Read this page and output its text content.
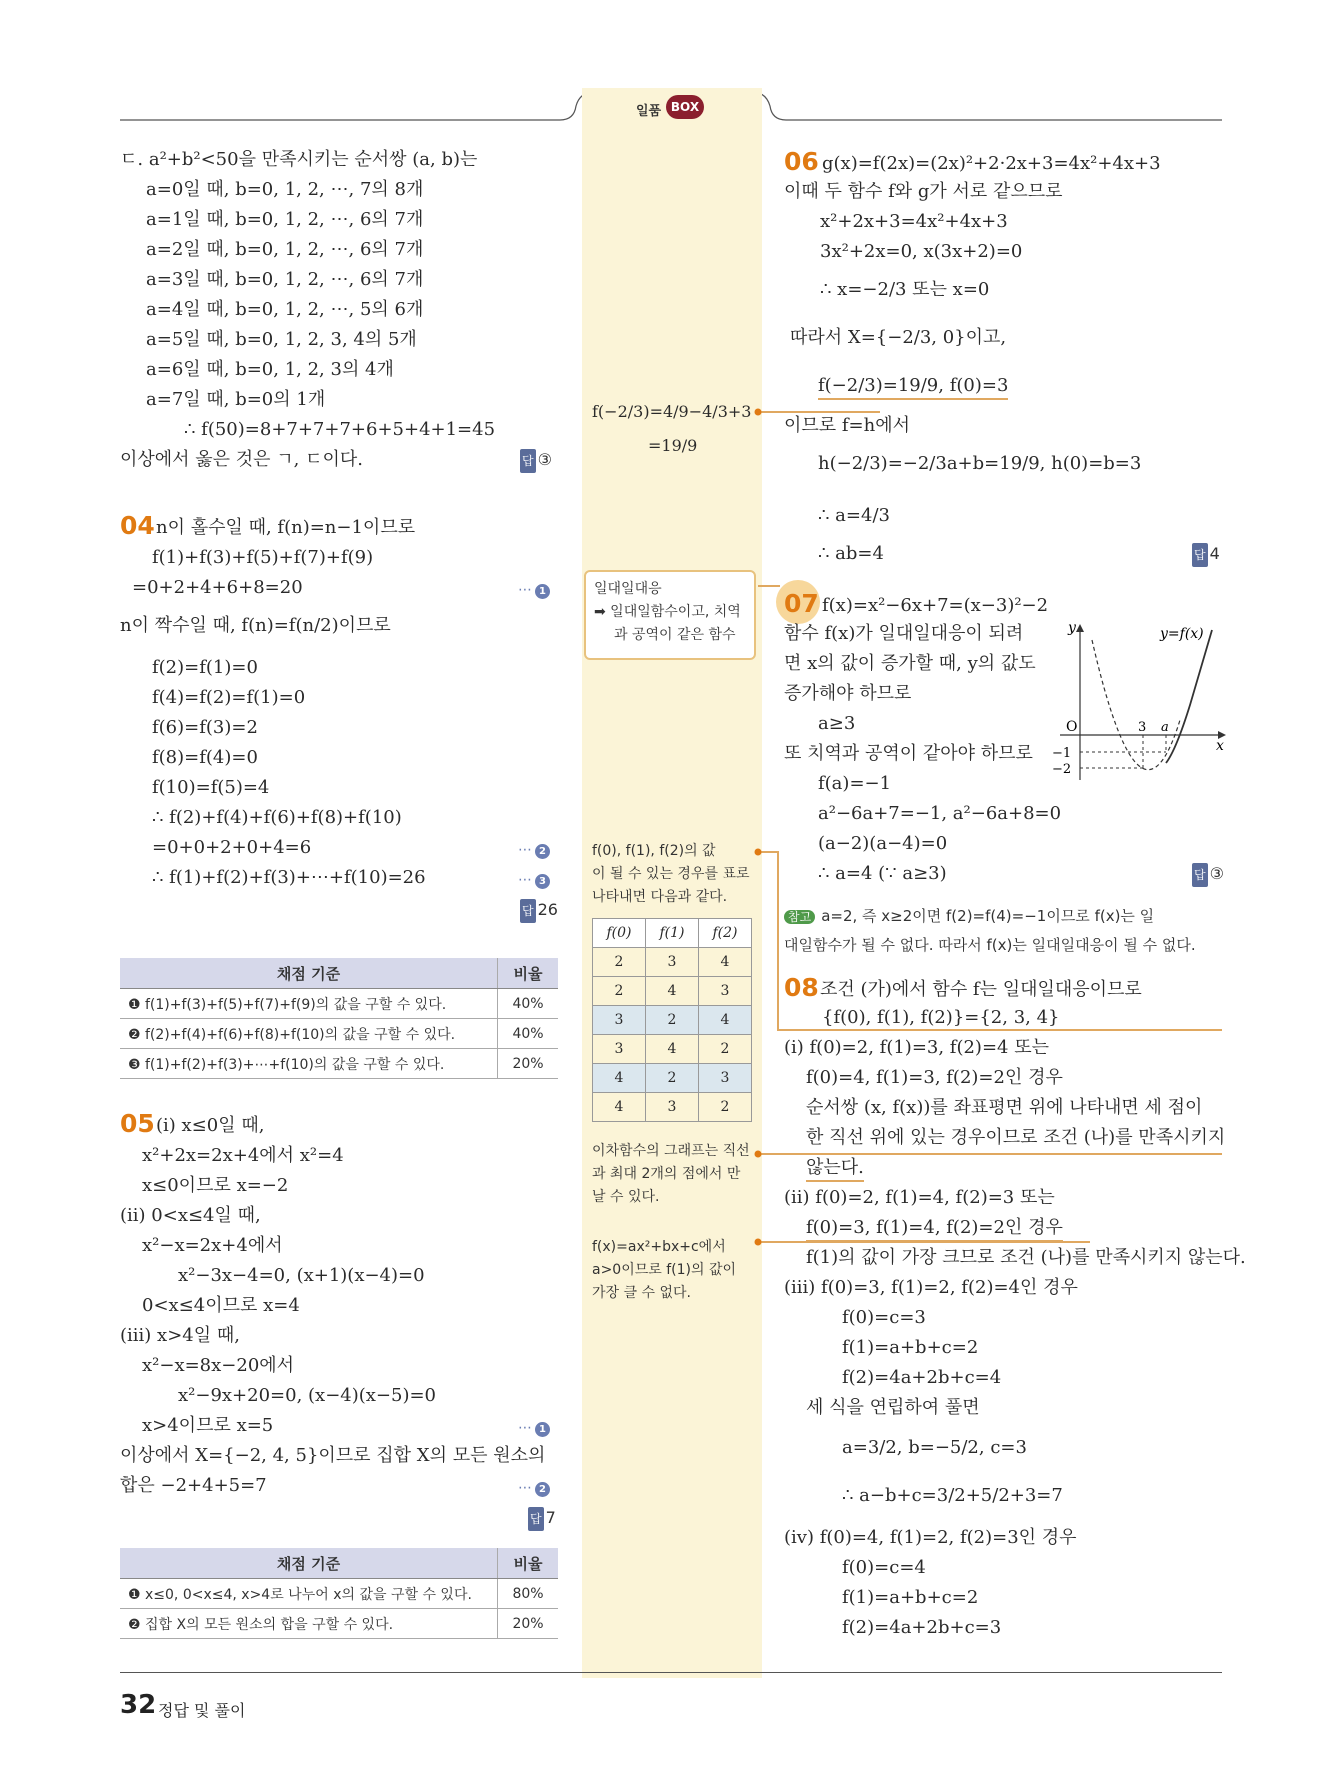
일품 BOX
ㄷ. a²+b²<50을 만족시키는 순서쌍 (a, b)는
a=0일 때, b=0, 1, 2, ⋯, 7의 8개
a=1일 때, b=0, 1, 2, ⋯, 6의 7개
a=2일 때, b=0, 1, 2, ⋯, 6의 7개
a=3일 때, b=0, 1, 2, ⋯, 6의 7개
a=4일 때, b=0, 1, 2, ⋯, 5의 6개
a=5일 때, b=0, 1, 2, 3, 4의 5개
a=6일 때, b=0, 1, 2, 3의 4개
a=7일 때, b=0의 1개
∴ f(50)=8+7+7+7+6+5+4+1=45
이상에서 옳은 것은 ㄱ, ㄷ이다.	답 ③
04 n이 홀수일 때, f(n)=n−1이므로
f(1)+f(3)+f(5)+f(7)+f(9)
=0+2+4+6+8=20	⋯ 1
n이 짝수일 때, f(n)=f(n/2)이므로
f(2)=f(1)=0
f(4)=f(2)=f(1)=0
f(6)=f(3)=2
f(8)=f(4)=0
f(10)=f(5)=4
∴ f(2)+f(4)+f(6)+f(8)+f(10)
=0+0+2+0+4=6	⋯ 2
∴ f(1)+f(2)+f(3)+⋯+f(10)=26	⋯ 3
답 26
채점 기준	비율
❶ f(1)+f(3)+f(5)+f(7)+f(9)의 값을 구할 수 있다.	40%
❷ f(2)+f(4)+f(6)+f(8)+f(10)의 값을 구할 수 있다.	40%
❸ f(1)+f(2)+f(3)+⋯+f(10)의 값을 구할 수 있다.	20%
05 (i) x≤0일 때,
x²+2x=2x+4에서 x²=4
x≤0이므로 x=−2
(ii) 0<x≤4일 때,
x²−x=2x+4에서
x²−3x−4=0, (x+1)(x−4)=0
0<x≤4이므로 x=4
(iii) x>4일 때,
x²−x=8x−20에서
x²−9x+20=0, (x−4)(x−5)=0
x>4이므로 x=5	⋯ 1
이상에서 X={−2, 4, 5}이므로 집합 X의 모든 원소의
합은 −2+4+5=7	⋯ 2
답 7
채점 기준	비율
❶ x≤0, 0<x≤4, x>4로 나누어 x의 값을 구할 수 있다.	80%
❷ 집합 X의 모든 원소의 합을 구할 수 있다.	20%
f(−2/3)=4/9−4/3+3
=19/9
일대일대응
➡ 일대일함수이고, 치역
과 공역이 같은 함수
f(0), f(1), f(2)의 값
이 될 수 있는 경우를 표로
나타내면 다음과 같다.
f(0)	f(1)	f(2)
2	3	4
2	4	3
3	2	4
3	4	2
4	2	3
4	3	2
이차함수의 그래프는 직선
과 최대 2개의 점에서 만
날 수 있다.
f(x)=ax²+bx+c에서
a>0이므로 f(1)의 값이
가장 클 수 없다.
06 g(x)=f(2x)=(2x)²+2·2x+3=4x²+4x+3
이때 두 함수 f와 g가 서로 같으므로
x²+2x+3=4x²+4x+3
3x²+2x=0, x(3x+2)=0
∴ x=−2/3 또는 x=0
따라서 X={−2/3, 0}이고,
f(−2/3)=19/9, f(0)=3
이므로 f=h에서
h(−2/3)=−2/3a+b=19/9, h(0)=b=3
∴ a=4/3
∴ ab=4	답 4
07 f(x)=x²−6x+7=(x−3)²−2
함수 f(x)가 일대일대응이 되려
면 x의 값이 증가할 때, y의 값도
증가해야 하므로
a≥3
또 치역과 공역이 같아야 하므로
f(a)=−1
a²−6a+7=−1, a²−6a+8=0
(a−2)(a−4)=0
∴ a=4 (∵ a≥3)	답 ③
y	y=f(x)
x
O	3 a
−1
−2
참고 a=2, 즉 x≥2이면 f(2)=f(4)=−1이므로 f(x)는 일
대일함수가 될 수 없다. 따라서 f(x)는 일대일대응이 될 수 없다.
08 조건 (가)에서 함수 f는 일대일대응이므로
{f(0), f(1), f(2)}={2, 3, 4}
(i) f(0)=2, f(1)=3, f(2)=4 또는
f(0)=4, f(1)=3, f(2)=2인 경우
순서쌍 (x, f(x))를 좌표평면 위에 나타내면 세 점이
한 직선 위에 있는 경우이므로 조건 (나)를 만족시키지
않는다.
(ii) f(0)=2, f(1)=4, f(2)=3 또는
f(0)=3, f(1)=4, f(2)=2인 경우
f(1)의 값이 가장 크므로 조건 (나)를 만족시키지 않는다.
(iii) f(0)=3, f(1)=2, f(2)=4인 경우
f(0)=c=3
f(1)=a+b+c=2
f(2)=4a+2b+c=4
세 식을 연립하여 풀면
a=3/2, b=−5/2, c=3
∴ a−b+c=3/2+5/2+3=7
(iv) f(0)=4, f(1)=2, f(2)=3인 경우
f(0)=c=4
f(1)=a+b+c=2
f(2)=4a+2b+c=3
32 정답 및 풀이
